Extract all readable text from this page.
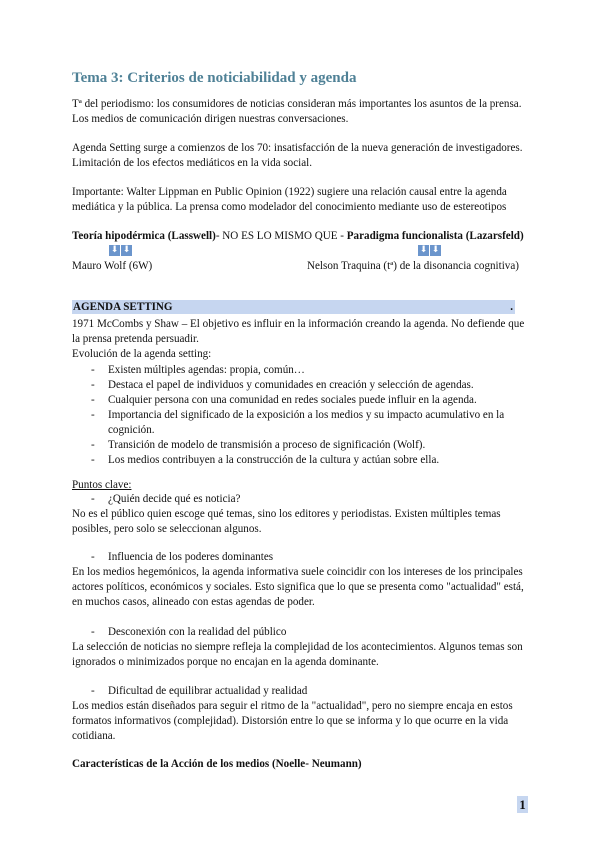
Tema 3: Criterios de noticiabilidad y agenda
Tª del periodismo: los consumidores de noticias consideran más importantes los asuntos de la prensa.
Los medios de comunicación dirigen nuestras conversaciones.
Agenda Setting surge a comienzos de los 70: insatisfacción de la nueva generación de investigadores.
Limitación de los efectos mediáticos en la vida social.
Importante: Walter Lippman en Public Opinion (1922) sugiere una relación causal entre la agenda
mediática y la pública. La prensa como modelador del conocimiento mediante uso de estereotipos
Teoría hipodérmica (Lasswell)- NO ES LO MISMO QUE - Paradigma funcionalista (Lazarsfeld)
⬇ ⬇	⬇ ⬇
Mauro Wolf (6W)	Nelson Traquina (tª) de la disonancia cognitiva)
AGENDA SETTING	.
1971 McCombs y Shaw – El objetivo es influir en la información creando la agenda. No defiende que
la prensa pretenda persuadir.
Evolución de la agenda setting:
- Existen múltiples agendas: propia, común…
- Destaca el papel de individuos y comunidades en creación y selección de agendas.
- Cualquier persona con una comunidad en redes sociales puede influir en la agenda.
- Importancia del significado de la exposición a los medios y su impacto acumulativo en la
cognición.
- Transición de modelo de transmisión a proceso de significación (Wolf).
- Los medios contribuyen a la construcción de la cultura y actúan sobre ella.
Puntos clave:
- ¿Quién decide qué es noticia?
No es el público quien escoge qué temas, sino los editores y periodistas. Existen múltiples temas
posibles, pero solo se seleccionan algunos.
- Influencia de los poderes dominantes
En los medios hegemónicos, la agenda informativa suele coincidir con los intereses de los principales
actores políticos, económicos y sociales. Esto significa que lo que se presenta como "actualidad" está,
en muchos casos, alineado con estas agendas de poder.
- Desconexión con la realidad del público
La selección de noticias no siempre refleja la complejidad de los acontecimientos. Algunos temas son
ignorados o minimizados porque no encajan en la agenda dominante.
- Dificultad de equilibrar actualidad y realidad
Los medios están diseñados para seguir el ritmo de la "actualidad", pero no siempre encaja en estos
formatos informativos (complejidad). Distorsión entre lo que se informa y lo que ocurre en la vida
cotidiana.
Características de la Acción de los medios (Noelle- Neumann)
1
